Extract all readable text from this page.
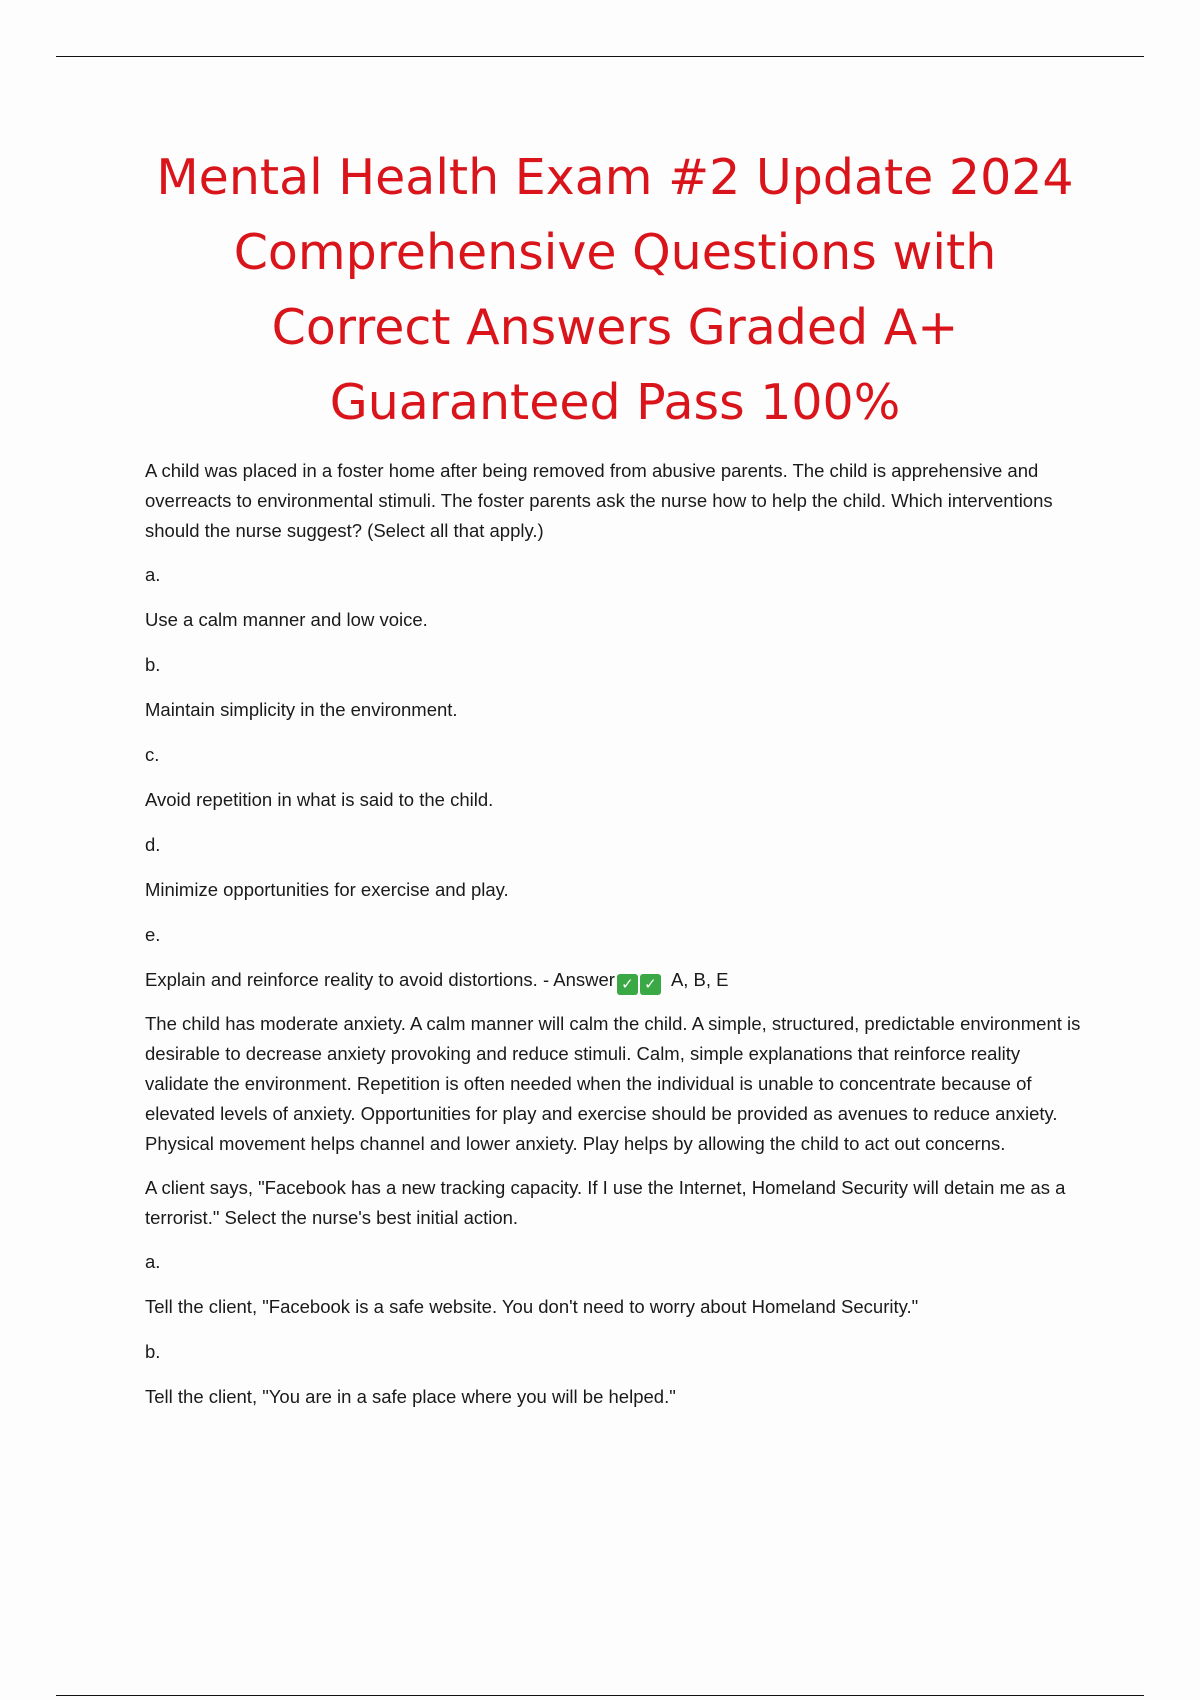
Mental Health Exam #2 Update 2024 Comprehensive Questions with Correct Answers Graded A+ Guaranteed Pass 100%

A child was placed in a foster home after being removed from abusive parents. The child is apprehensive and overreacts to environmental stimuli. The foster parents ask the nurse how to help the child. Which interventions should the nurse suggest? (Select all that apply.)

a.

Use a calm manner and low voice.

b.

Maintain simplicity in the environment.

c.

Avoid repetition in what is said to the child.

d.

Minimize opportunities for exercise and play.

e.

Explain and reinforce reality to avoid distortions. - Answer ✓ ✓ A, B, E

The child has moderate anxiety. A calm manner will calm the child. A simple, structured, predictable environment is desirable to decrease anxiety provoking and reduce stimuli. Calm, simple explanations that reinforce reality validate the environment. Repetition is often needed when the individual is unable to concentrate because of elevated levels of anxiety. Opportunities for play and exercise should be provided as avenues to reduce anxiety. Physical movement helps channel and lower anxiety. Play helps by allowing the child to act out concerns.

A client says, "Facebook has a new tracking capacity. If I use the Internet, Homeland Security will detain me as a terrorist." Select the nurse's best initial action.

a.

Tell the client, "Facebook is a safe website. You don't need to worry about Homeland Security."

b.

Tell the client, "You are in a safe place where you will be helped."
